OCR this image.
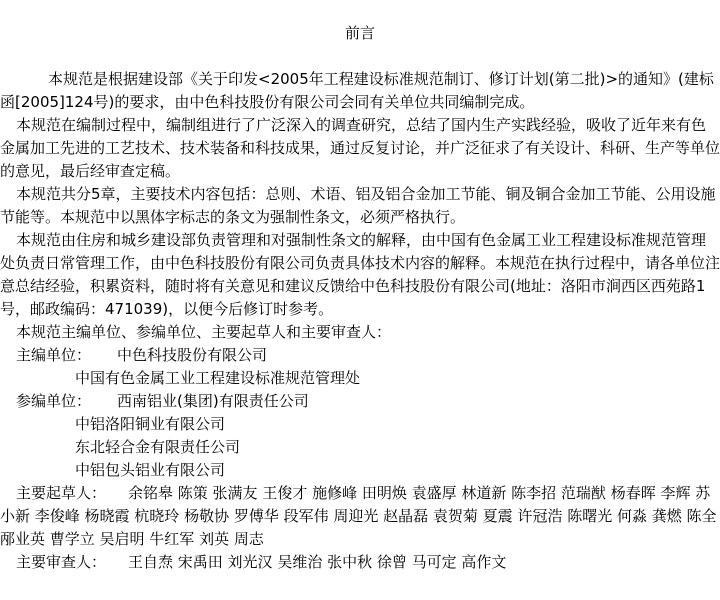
前言

本规范是根据建设部《关于印发<2005年工程建设标准规范制订、修订计划(第二批)>的通知》(建标函[2005]124号)的要求，由中色科技股份有限公司会同有关单位共同编制完成。

本规范在编制过程中，编制组进行了广泛深入的调查研究，总结了国内生产实践经验，吸收了近年来有色金属加工先进的工艺技术、技术装备和科技成果，通过反复讨论，并广泛征求了有关设计、科研、生产等单位的意见，最后经审查定稿。

本规范共分5章，主要技术内容包括：总则、术语、铝及铝合金加工节能、铜及铜合金加工节能、公用设施节能等。本规范中以黑体字标志的条文为强制性条文，必须严格执行。

本规范由住房和城乡建设部负责管理和对强制性条文的解释，由中国有色金属工业工程建设标准规范管理处负责日常管理工作，由中色科技股份有限公司负责具体技术内容的解释。本规范在执行过程中，请各单位注意总结经验，积累资料，随时将有关意见和建议反馈给中色科技股份有限公司(地址：洛阳市涧西区西苑路1号，邮政编码：471039)，以便今后修订时参考。

本规范主编单位、参编单位、主要起草人和主要审查人：

主编单位： 中色科技股份有限公司
中国有色金属工业工程建设标准规范管理处
参编单位： 西南铝业(集团)有限责任公司
中铝洛阳铜业有限公司
东北轻合金有限责任公司
中铝包头铝业有限公司

主要起草人： 余铭皋 陈策 张满友 王俊才 施修峰 田明焕 袁盛厚 林道新 陈李招 范瑞猷 杨春晖 李辉 苏小新 李俊峰 杨晓霞 杭晓玲 杨敬协 罗傅华 段军伟 周迎光 赵晶磊 袁贺菊 夏震 许冠浩 陈曙光 何淼 龚燃 陈全 邴业英 曹学立 吴启明 牛红军 刘英 周志

主要审查人： 王自焘 宋禹田 刘光汉 吴维治 张中秋 徐曾 马可定 高作文
